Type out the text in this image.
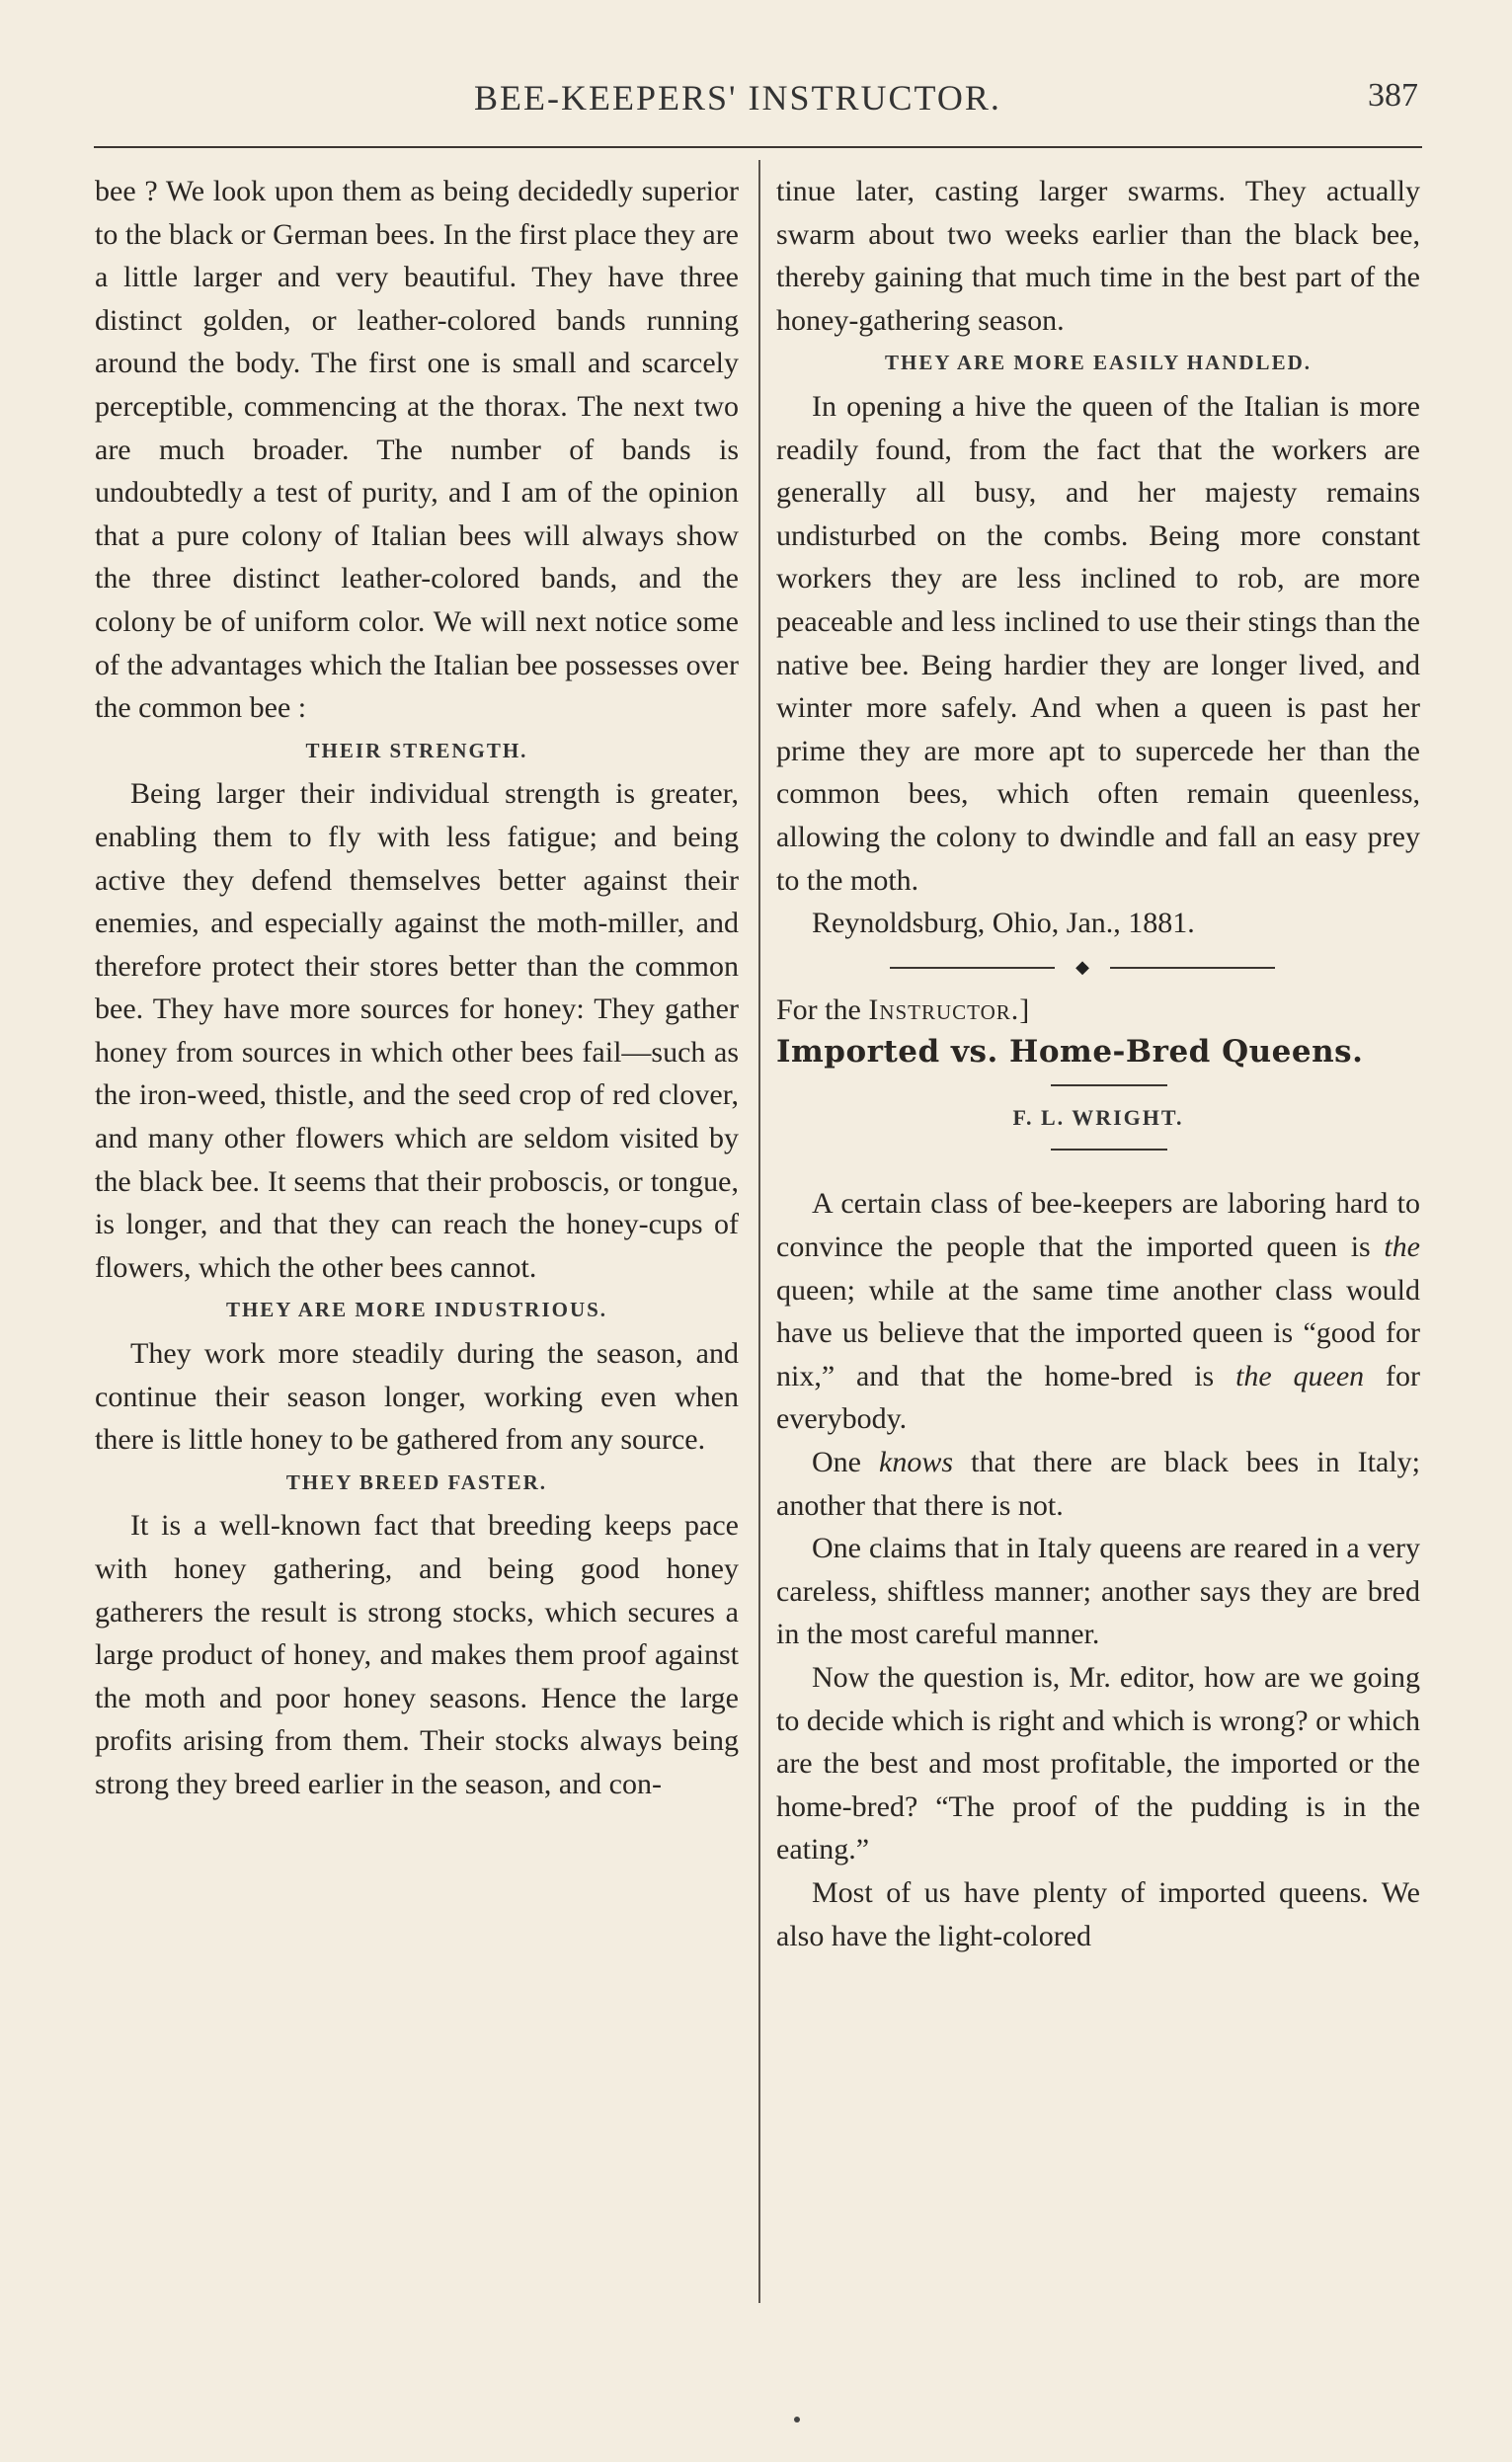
BEE-KEEPERS' INSTRUCTOR.	387

bee ? We look upon them as being decidedly superior to the black or German bees. In the first place they are a little larger and very beautiful. They have three distinct golden, or leather-colored bands running around the body. The first one is small and scarcely perceptible, commencing at the thorax. The next two are much broader. The number of bands is undoubtedly a test of purity, and I am of the opinion that a pure colony of Italian bees will always show the three distinct leather-colored bands, and the colony be of uniform color. We will next notice some of the advantages which the Italian bee possesses over the common bee :

THEIR STRENGTH.

Being larger their individual strength is greater, enabling them to fly with less fatigue; and being active they defend themselves better against their enemies, and especially against the moth-miller, and therefore protect their stores better than the common bee. They have more sources for honey: They gather honey from sources in which other bees fail—such as the iron-weed, thistle, and the seed crop of red clover, and many other flowers which are seldom visited by the black bee. It seems that their proboscis, or tongue, is longer, and that they can reach the honey-cups of flowers, which the other bees cannot.

THEY ARE MORE INDUSTRIOUS.

They work more steadily during the season, and continue their season longer, working even when there is little honey to be gathered from any source.

THEY BREED FASTER.

It is a well-known fact that breeding keeps pace with honey gathering, and being good honey gatherers the result is strong stocks, which secures a large product of honey, and makes them proof against the moth and poor honey seasons. Hence the large profits arising from them. Their stocks always being strong they breed earlier in the season, and con-

tinue later, casting larger swarms. They actually swarm about two weeks earlier than the black bee, thereby gaining that much time in the best part of the honey-gathering season.

THEY ARE MORE EASILY HANDLED.

In opening a hive the queen of the Italian is more readily found, from the fact that the workers are generally all busy, and her majesty remains undisturbed on the combs. Being more constant workers they are less inclined to rob, are more peaceable and less inclined to use their stings than the native bee. Being hardier they are longer lived, and winter more safely. And when a queen is past her prime they are more apt to supercede her than the common bees, which often remain queenless, allowing the colony to dwindle and fall an easy prey to the moth.

Reynoldsburg, Ohio, Jan., 1881.

◆

For the Instructor.]

Imported vs. Home-Bred Queens.

F. L. WRIGHT.

A certain class of bee-keepers are laboring hard to convince the people that the imported queen is the queen; while at the same time another class would have us believe that the imported queen is “good for nix,” and that the home-bred is the queen for everybody.

One knows that there are black bees in Italy; another that there is not.

One claims that in Italy queens are reared in a very careless, shiftless manner; another says they are bred in the most careful manner.

Now the question is, Mr. editor, how are we going to decide which is right and which is wrong? or which are the best and most profitable, the imported or the home-bred? “The proof of the pudding is in the eating.”

Most of us have plenty of imported queens. We also have the light-colored
